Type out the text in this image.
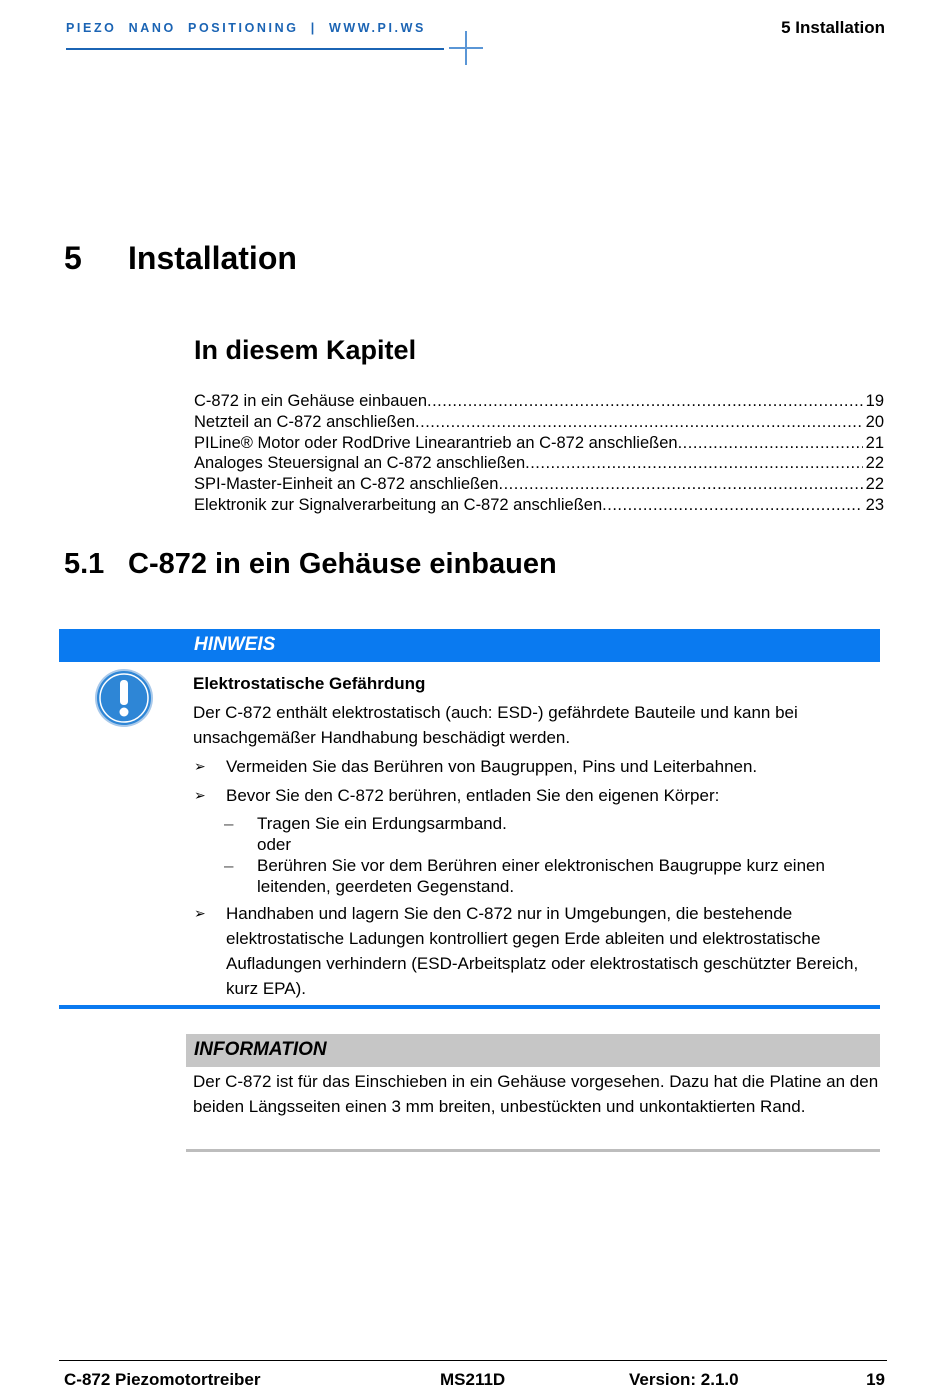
PIEZO  NANO  POSITIONING  |  WWW.PI.WS	5 Installation
5 Installation
In diesem Kapitel
C-872 in ein Gehäuse einbauen .....	19
Netzteil an C-872 anschließen .....	20
PILine® Motor oder RodDrive Linearantrieb an C-872 anschließen .....	21
Analoges Steuersignal an C-872 anschließen .....	22
SPI-Master-Einheit an C-872 anschließen .....	22
Elektronik zur Signalverarbeitung an C-872 anschließen .....	23
5.1 C-872 in ein Gehäuse einbauen
HINWEIS
Elektrostatische Gefährdung
Der C-872 enthält elektrostatisch (auch: ESD-) gefährdete Bauteile und kann bei unsachgemäßer Handhabung beschädigt werden.
➢ Vermeiden Sie das Berühren von Baugruppen, Pins und Leiterbahnen.
➢ Bevor Sie den C-872 berühren, entladen Sie den eigenen Körper:
– Tragen Sie ein Erdungsarmband.
oder
– Berühren Sie vor dem Berühren einer elektronischen Baugruppe kurz einen leitenden, geerdeten Gegenstand.
➢ Handhaben und lagern Sie den C-872 nur in Umgebungen, die bestehende elektrostatische Ladungen kontrolliert gegen Erde ableiten und elektrostatische Aufladungen verhindern (ESD-Arbeitsplatz oder elektrostatisch geschützter Bereich, kurz EPA).
INFORMATION
Der C-872 ist für das Einschieben in ein Gehäuse vorgesehen. Dazu hat die Platine an den beiden Längsseiten einen 3 mm breiten, unbestückten und unkontaktierten Rand.
C-872 Piezomotortreiber	MS211D	Version: 2.1.0	19
